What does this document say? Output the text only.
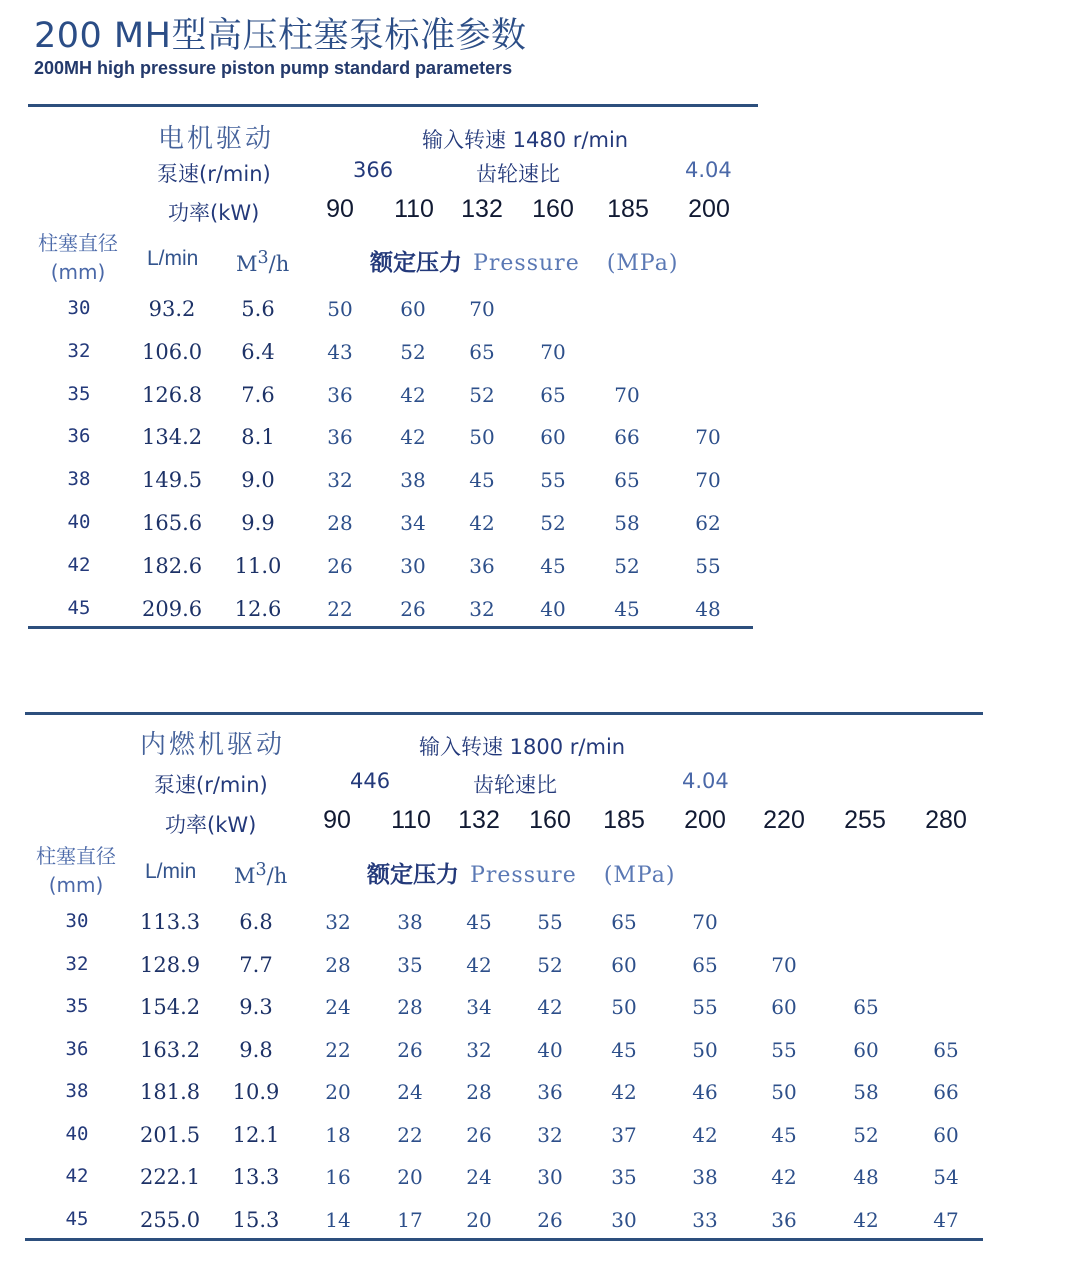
200 MH型高压柱塞泵标准参数
200MH high pressure piston pump standard parameters
电机驱动	输入转速 1480 r/min
泵速(r/min)	366	齿轮速比	4.04
功率(kW)	90	110	132	160	185	200
柱塞直径
(mm)
L/min $M^3/h$	额定压力 Pressure (MPa)
30	93.2	5.6	50	60	70
32	106.0	6.4	43	52	65	70
35	126.8	7.6	36	42	52	65	70
36	134.2	8.1	36	42	50	60	66	70
38	149.5	9.0	32	38	45	55	65	70
40	165.6	9.9	28	34	42	52	58	62
42	182.6	11.0	26	30	36	45	52	55
45	209.6	12.6	22	26	32	40	45	48
内燃机驱动	输入转速 1800 r/min
泵速(r/min)	446	齿轮速比	4.04
功率(kW)	90	110	132	160	185	200	220	255	280
柱塞直径
(mm)
L/min $M^3/h$	额定压力 Pressure (MPa)
30	113.3	6.8	32	38	45	55	65	70
32	128.9	7.7	28	35	42	52	60	65	70
35	154.2	9.3	24	28	34	42	50	55	60	65
36	163.2	9.8	22	26	32	40	45	50	55	60	65
38	181.8	10.9	20	24	28	36	42	46	50	58	66
40	201.5	12.1	18	22	26	32	37	42	45	52	60
42	222.1	13.3	16	20	24	30	35	38	42	48	54
45	255.0	15.3	14	17	20	26	30	33	36	42	47
